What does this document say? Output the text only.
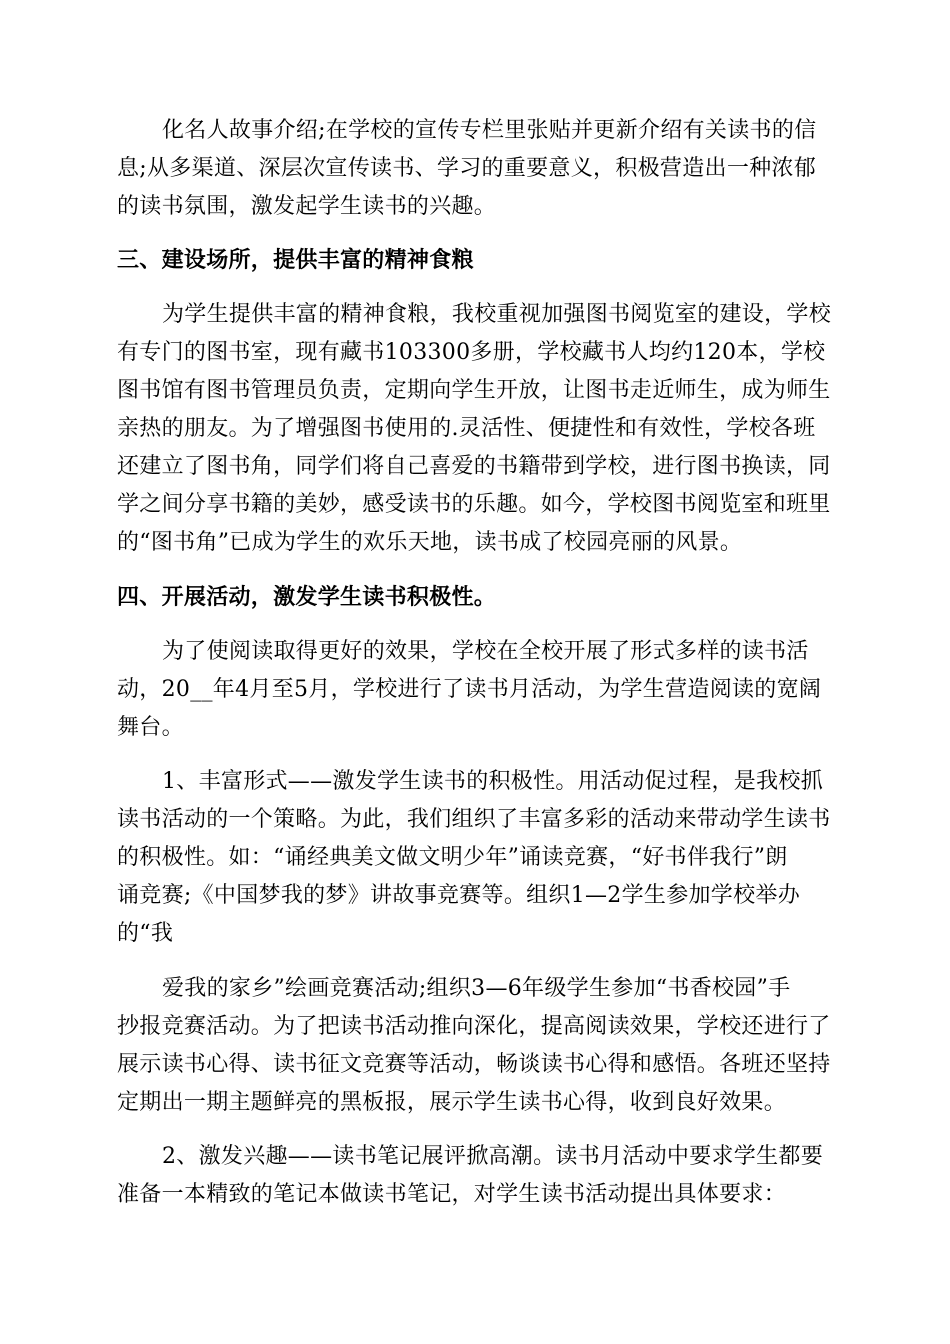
化名人故事介绍;在学校的宣传专栏里张贴并更新介绍有关读书的信
息;从多渠道、深层次宣传读书、学习的重要意义，积极营造出一种浓郁
的读书氛围，激发起学生读书的兴趣。
三、建设场所，提供丰富的精神食粮
为学生提供丰富的精神食粮，我校重视加强图书阅览室的建设，学校
有专门的图书室，现有藏书103300多册，学校藏书人均约120本，学校
图书馆有图书管理员负责，定期向学生开放，让图书走近师生，成为师生
亲热的朋友。为了增强图书使用的.灵活性、便捷性和有效性，学校各班
还建立了图书角，同学们将自己喜爱的书籍带到学校，进行图书换读，同
学之间分享书籍的美妙，感受读书的乐趣。如今，学校图书阅览室和班里
的“图书角”已成为学生的欢乐天地，读书成了校园亮丽的风景。
四、开展活动，激发学生读书积极性。
为了使阅读取得更好的效果，学校在全校开展了形式多样的读书活
动，20__年4月至5月，学校进行了读书月活动，为学生营造阅读的宽阔
舞台。
1、丰富形式——激发学生读书的积极性。用活动促过程，是我校抓
读书活动的一个策略。为此，我们组织了丰富多彩的活动来带动学生读书
的积极性。如：“诵经典美文做文明少年”诵读竞赛，“好书伴我行”朗
诵竞赛;《中国梦我的梦》讲故事竞赛等。组织1—2学生参加学校举办
的“我
爱我的家乡”绘画竞赛活动;组织3—6年级学生参加“书香校园”手
抄报竞赛活动。为了把读书活动推向深化，提高阅读效果，学校还进行了
展示读书心得、读书征文竞赛等活动，畅谈读书心得和感悟。各班还坚持
定期出一期主题鲜亮的黑板报，展示学生读书心得，收到良好效果。
2、激发兴趣——读书笔记展评掀高潮。读书月活动中要求学生都要
准备一本精致的笔记本做读书笔记，对学生读书活动提出具体要求：
